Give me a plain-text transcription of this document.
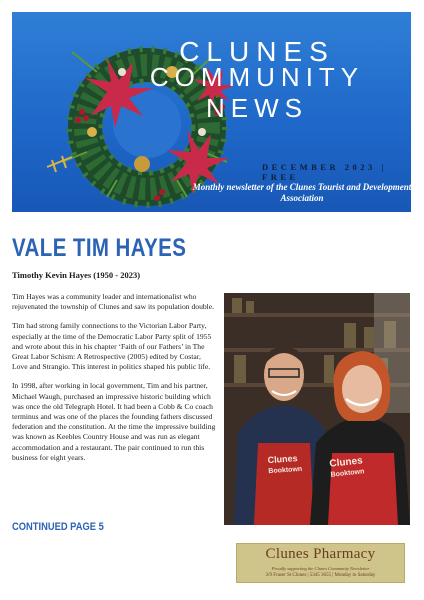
CLUNES
COMMUNITY NEWS
DECEMBER 2023 | FREE
Monthly newsletter of the Clunes Tourist and Development Association
VALE TIM HAYES
Timothy Kevin Hayes (1950 - 2023)

Tim Hayes was a community leader and internationalist who rejuvenated the township of Clunes and saw its population double.

Tim had strong family connections to the Victorian Labor Party, especially at the time of the Democratic Labor Party split of 1955 and wrote about this in his chapter ‘Faith of our Fathers’ in The Great Labor Schism: A Retrospective (2005) edited by Costar, Love and Strangio. This interest in politics shaped his public life.

In 1998, after working in local government, Tim and his partner, Michael Waugh, purchased an impressive historic building which was once the old Telegraph Hotel. It had been a Cobb & Co coach terminus and was one of the places the founding fathers discussed federation and the constitution. At the time the impressive building was known as Keebles Country House and was run as elegant accommodation and a restaurant. The pair continued to run this business for eight years.

CONTINUED PAGE 5
Clunes
Booktown
Clunes
Booktown
Clunes Pharmacy
Proudly supporting the Clunes Community Newsletter
3/9 Fraser St Clunes | 5345 3655 | Monday to Saturday
